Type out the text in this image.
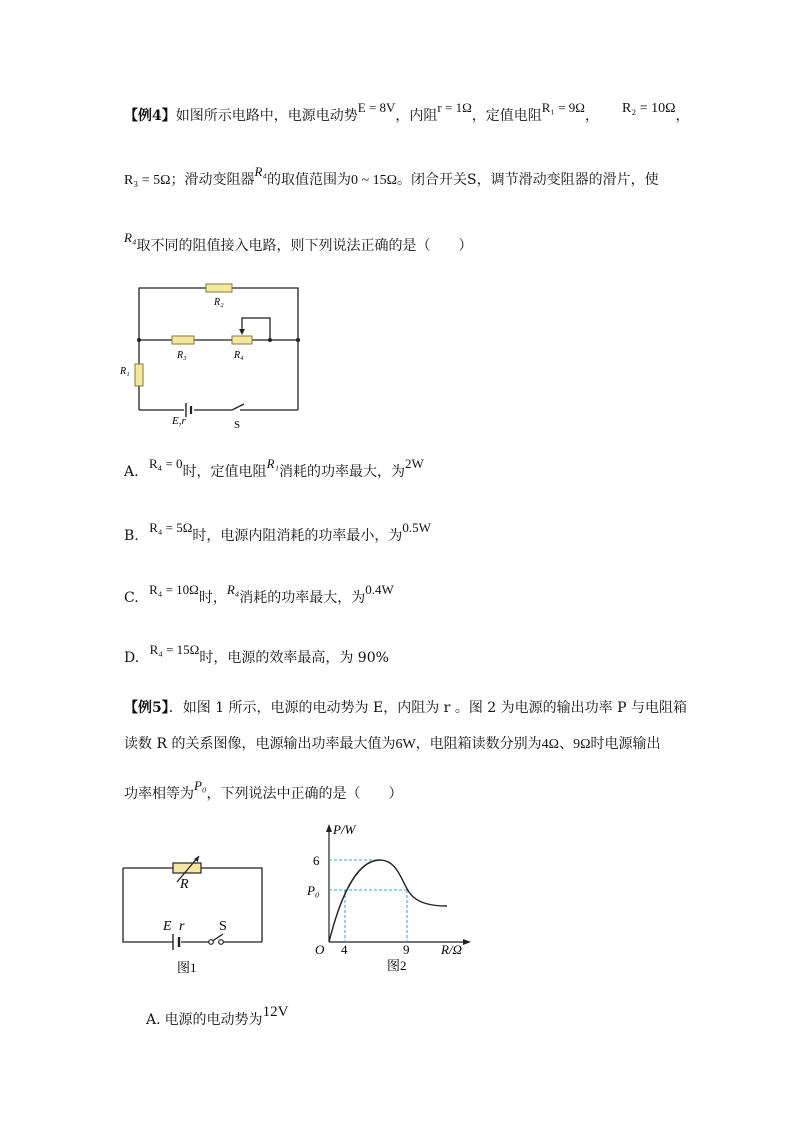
【例4】如图所示电路中，电源电动势E = 8V，内阻r = 1Ω，定值电阻R₁ = 9Ω， R₂ = 10Ω，
R₃ = 5Ω；滑动变阻器R₄的取值范围为0 ~ 15Ω。闭合开关S，调节滑动变阻器的滑片，使
R₄取不同的阻值接入电路，则下列说法正确的是（　　）
R₂
R₃	R₄
R₁
E,r	S
A. R₄ = 0时，定值电阻R₁消耗的功率最大，为2W
B. R₄ = 5Ω时，电源内阻消耗的功率最小，为0.5W
C. R₄ = 10Ω时，R₄消耗的功率最大，为0.4W
D. R₄ = 15Ω时，电源的效率最高，为 90%
【例5】．如图 1 所示，电源的电动势为 E，内阻为 r 。图 2 为电源的输出功率 P 与电阻箱
读数 R 的关系图像，电源输出功率最大值为6W，电阻箱读数分别为4Ω、9Ω时电源输出
功率相等为P₀，下列说法中正确的是（　　）
R
E r S
图1
P/W
6
P₀
O 4	9 R/Ω
图2
A. 电源的电动势为12V
